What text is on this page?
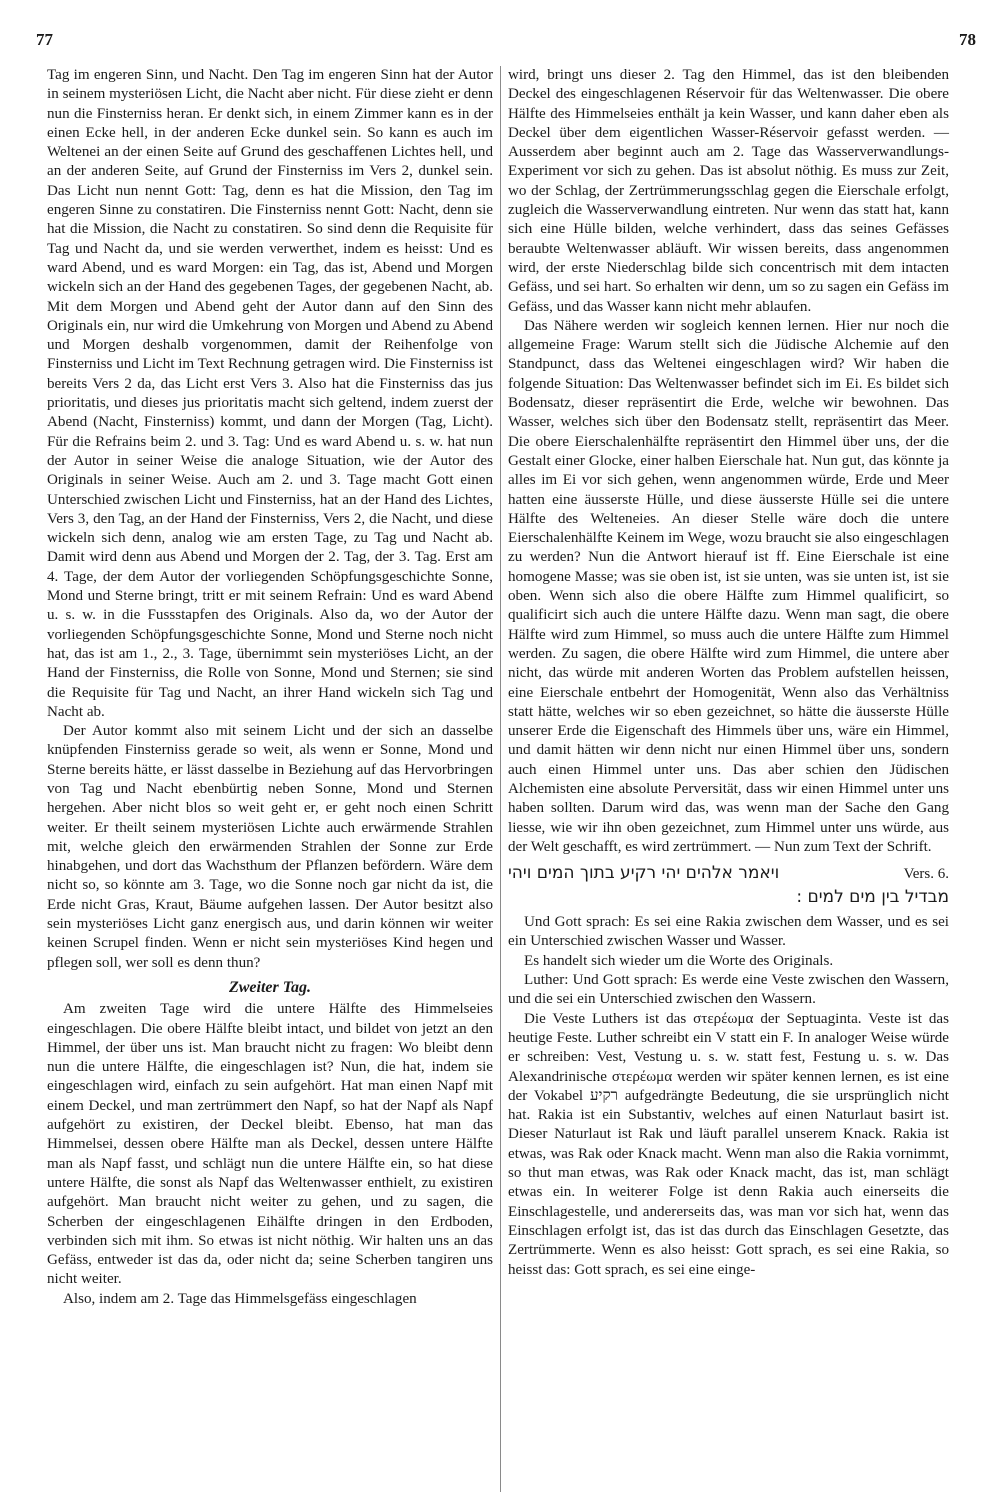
77	78

Tag im engeren Sinn, und Nacht. Den Tag im engeren Sinn hat der Autor in seinem mysteriösen Licht, die Nacht aber nicht. Für diese zieht er denn nun die Finsterniss heran. Er denkt sich, in einem Zimmer kann es in der einen Ecke hell, in der anderen Ecke dunkel sein. So kann es auch im Weltenei an der einen Seite auf Grund des geschaffenen Lichtes hell, und an der anderen Seite, auf Grund der Finsterniss im Vers 2, dunkel sein. Das Licht nun nennt Gott: Tag, denn es hat die Mission, den Tag im engeren Sinne zu constatiren. Die Finsterniss nennt Gott: Nacht, denn sie hat die Mission, die Nacht zu constatiren. So sind denn die Requisite für Tag und Nacht da, und sie werden verwerthet, indem es heisst: Und es ward Abend, und es ward Morgen: ein Tag, das ist, Abend und Morgen wickeln sich an der Hand des gegebenen Tages, der gegebenen Nacht, ab. Mit dem Morgen und Abend geht der Autor dann auf den Sinn des Originals ein, nur wird die Umkehrung von Morgen und Abend zu Abend und Morgen deshalb vorgenommen, damit der Reihenfolge von Finsterniss und Licht im Text Rechnung getragen wird. Die Finsterniss ist bereits Vers 2 da, das Licht erst Vers 3. Also hat die Finsterniss das jus prioritatis, und dieses jus prioritatis macht sich geltend, indem zuerst der Abend (Nacht, Finsterniss) kommt, und dann der Morgen (Tag, Licht). Für die Refrains beim 2. und 3. Tag: Und es ward Abend u. s. w. hat nun der Autor in seiner Weise die analoge Situation, wie der Autor des Originals in seiner Weise. Auch am 2. und 3. Tage macht Gott einen Unterschied zwischen Licht und Finsterniss, hat an der Hand des Lichtes, Vers 3, den Tag, an der Hand der Finsterniss, Vers 2, die Nacht, und diese wickeln sich denn, analog wie am ersten Tage, zu Tag und Nacht ab. Damit wird denn aus Abend und Morgen der 2. Tag, der 3. Tag. Erst am 4. Tage, der dem Autor der vorliegenden Schöpfungsgeschichte Sonne, Mond und Sterne bringt, tritt er mit seinem Refrain: Und es ward Abend u. s. w. in die Fussstapfen des Originals. Also da, wo der Autor der vorliegenden Schöpfungsgeschichte Sonne, Mond und Sterne noch nicht hat, das ist am 1., 2., 3. Tage, übernimmt sein mysteriöses Licht, an der Hand der Finsterniss, die Rolle von Sonne, Mond und Sternen; sie sind die Requisite für Tag und Nacht, an ihrer Hand wickeln sich Tag und Nacht ab.

Der Autor kommt also mit seinem Licht und der sich an dasselbe knüpfenden Finsterniss gerade so weit, als wenn er Sonne, Mond und Sterne bereits hätte, er lässt dasselbe in Beziehung auf das Hervorbringen von Tag und Nacht ebenbürtig neben Sonne, Mond und Sternen hergehen. Aber nicht blos so weit geht er, er geht noch einen Schritt weiter. Er theilt seinem mysteriösen Lichte auch erwärmende Strahlen mit, welche gleich den erwärmenden Strahlen der Sonne zur Erde hinabgehen, und dort das Wachsthum der Pflanzen befördern. Wäre dem nicht so, so könnte am 3. Tage, wo die Sonne noch gar nicht da ist, die Erde nicht Gras, Kraut, Bäume aufgehen lassen. Der Autor besitzt also sein mysteriöses Licht ganz energisch aus, und darin können wir weiter keinen Scrupel finden. Wenn er nicht sein mysteriöses Kind hegen und pflegen soll, wer soll es denn thun?

Zweiter Tag.

Am zweiten Tage wird die untere Hälfte des Himmelseies eingeschlagen. Die obere Hälfte bleibt intact, und bildet von jetzt an den Himmel, der über uns ist. Man braucht nicht zu fragen: Wo bleibt denn nun die untere Hälfte, die eingeschlagen ist? Nun, die hat, indem sie eingeschlagen wird, einfach zu sein aufgehört. Hat man einen Napf mit einem Deckel, und man zertrümmert den Napf, so hat der Napf als Napf aufgehört zu existiren, der Deckel bleibt. Ebenso, hat man das Himmelsei, dessen obere Hälfte man als Deckel, dessen untere Hälfte man als Napf fasst, und schlägt nun die untere Hälfte ein, so hat diese untere Hälfte, die sonst als Napf das Weltenwasser enthielt, zu existiren aufgehört. Man braucht nicht weiter zu gehen, und zu sagen, die Scherben der eingeschlagenen Eihälfte dringen in den Erdboden, verbinden sich mit ihm. So etwas ist nicht nöthig. Wir halten uns an das Gefäss, entweder ist das da, oder nicht da; seine Scherben tangiren uns nicht weiter.

Also, indem am 2. Tage das Himmelsgefäss eingeschlagen

wird, bringt uns dieser 2. Tag den Himmel, das ist den bleibenden Deckel des eingeschlagenen Réservoir für das Weltenwasser. Die obere Hälfte des Himmelseies enthält ja kein Wasser, und kann daher eben als Deckel über dem eigentlichen Wasser-Réservoir gefasst werden. — Ausserdem aber beginnt auch am 2. Tage das Wasserverwandlungs-Experiment vor sich zu gehen. Das ist absolut nöthig. Es muss zur Zeit, wo der Schlag, der Zertrümmerungsschlag gegen die Eierschale erfolgt, zugleich die Wasserverwandlung eintreten. Nur wenn das statt hat, kann sich eine Hülle bilden, welche verhindert, dass das seines Gefässes beraubte Weltenwasser abläuft. Wir wissen bereits, dass angenommen wird, der erste Niederschlag bilde sich concentrisch mit dem intacten Gefäss, und sei hart. So erhalten wir denn, um so zu sagen ein Gefäss im Gefäss, und das Wasser kann nicht mehr ablaufen.

Das Nähere werden wir sogleich kennen lernen. Hier nur noch die allgemeine Frage: Warum stellt sich die Jüdische Alchemie auf den Standpunct, dass das Weltenei eingeschlagen wird? Wir haben die folgende Situation: Das Weltenwasser befindet sich im Ei. Es bildet sich Bodensatz, dieser repräsentirt die Erde, welche wir bewohnen. Das Wasser, welches sich über den Bodensatz stellt, repräsentirt das Meer. Die obere Eierschalenhälfte repräsentirt den Himmel über uns, der die Gestalt einer Glocke, einer halben Eierschale hat. Nun gut, das könnte ja alles im Ei vor sich gehen, wenn angenommen würde, Erde und Meer hatten eine äusserste Hülle, und diese äusserste Hülle sei die untere Hälfte des Welteneies. An dieser Stelle wäre doch die untere Eierschalenhälfte Keinem im Wege, wozu braucht sie also eingeschlagen zu werden? Nun die Antwort hierauf ist ff. Eine Eierschale ist eine homogene Masse; was sie oben ist, ist sie unten, was sie unten ist, ist sie oben. Wenn sich also die obere Hälfte zum Himmel qualificirt, so qualificirt sich auch die untere Hälfte dazu. Wenn man sagt, die obere Hälfte wird zum Himmel, so muss auch die untere Hälfte zum Himmel werden. Zu sagen, die obere Hälfte wird zum Himmel, die untere aber nicht, das würde mit anderen Worten das Problem aufstellen heissen, eine Eierschale entbehrt der Homogenität, Wenn also das Verhältniss statt hätte, welches wir so eben gezeichnet, so hätte die äusserste Hülle unserer Erde die Eigenschaft des Himmels über uns, wäre ein Himmel, und damit hätten wir denn nicht nur einen Himmel über uns, sondern auch einen Himmel unter uns. Das aber schien den Jüdischen Alchemisten eine absolute Perversität, dass wir einen Himmel unter uns haben sollten. Darum wird das, was wenn man der Sache den Gang liesse, wie wir ihn oben gezeichnet, zum Himmel unter uns würde, aus der Welt geschafft, es wird zertrümmert. — Nun zum Text der Schrift.

ויאמר אלהים יהי רקיע בתוך המים ויהי	Vers. 6.
מבדיל בין מים למים :

Und Gott sprach: Es sei eine Rakia zwischen dem Wasser, und es sei ein Unterschied zwischen Wasser und Wasser.

Es handelt sich wieder um die Worte des Originals.

Luther: Und Gott sprach: Es werde eine Veste zwischen den Wassern, und die sei ein Unterschied zwischen den Wassern.

Die Veste Luthers ist das στερέωμα der Septuaginta. Veste ist das heutige Feste. Luther schreibt ein V statt ein F. In analoger Weise würde er schreiben: Vest, Vestung u. s. w. statt fest, Festung u. s. w. Das Alexandrinische στερέωμα werden wir später kennen lernen, es ist eine der Vokabel רקיע aufgedrängte Bedeutung, die sie ursprünglich nicht hat. Rakia ist ein Substantiv, welches auf einen Naturlaut basirt ist. Dieser Naturlaut ist Rak und läuft parallel unserem Knack. Rakia ist etwas, was Rak oder Knack macht. Wenn man also die Rakia vornimmt, so thut man etwas, was Rak oder Knack macht, das ist, man schlägt etwas ein. In weiterer Folge ist denn Rakia auch einerseits die Einschlagestelle, und andererseits das, was man vor sich hat, wenn das Einschlagen erfolgt ist, das ist das durch das Einschlagen Gesetzte, das Zertrümmerte. Wenn es also heisst: Gott sprach, es sei eine Rakia, so heisst das: Gott sprach, es sei eine einge-
